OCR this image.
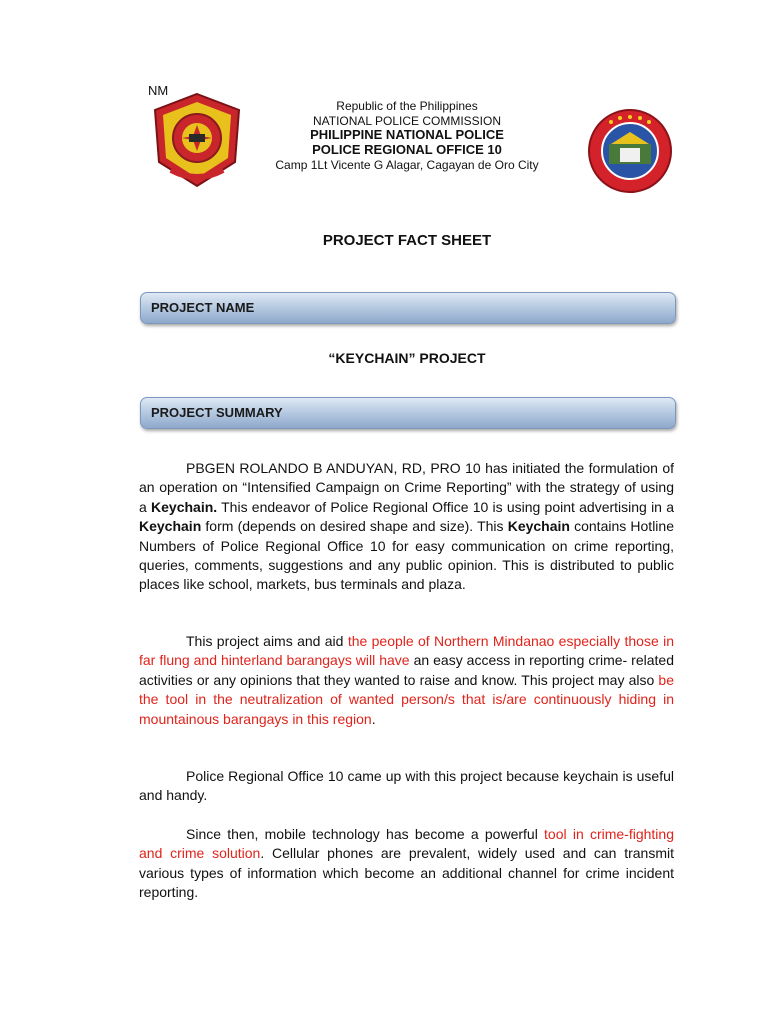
NM
Republic of the Philippines
NATIONAL POLICE COMMISSION
PHILIPPINE NATIONAL POLICE
POLICE REGIONAL OFFICE 10
Camp 1Lt Vicente G Alagar, Cagayan de Oro City
PROJECT FACT SHEET
PROJECT NAME
“KEYCHAIN” PROJECT
PROJECT SUMMARY
PBGEN ROLANDO B ANDUYAN, RD, PRO 10 has initiated the formulation of an operation on “Intensified Campaign on Crime Reporting” with the strategy of using a Keychain. This endeavor of Police Regional Office 10 is using point advertising in a Keychain form (depends on desired shape and size). This Keychain contains Hotline Numbers of Police Regional Office 10 for easy communication on crime reporting, queries, comments, suggestions and any public opinion. This is distributed to public places like school, markets, bus terminals and plaza.
This project aims and aid the people of Northern Mindanao especially those in far flung and hinterland barangays will have an easy access in reporting crime- related activities or any opinions that they wanted to raise and know. This project may also be the tool in the neutralization of wanted person/s that is/are continuously hiding in mountainous barangays in this region.
Police Regional Office 10 came up with this project because keychain is useful and handy.
Since then, mobile technology has become a powerful tool in crime-fighting and crime solution. Cellular phones are prevalent, widely used and can transmit various types of information which become an additional channel for crime incident reporting.
